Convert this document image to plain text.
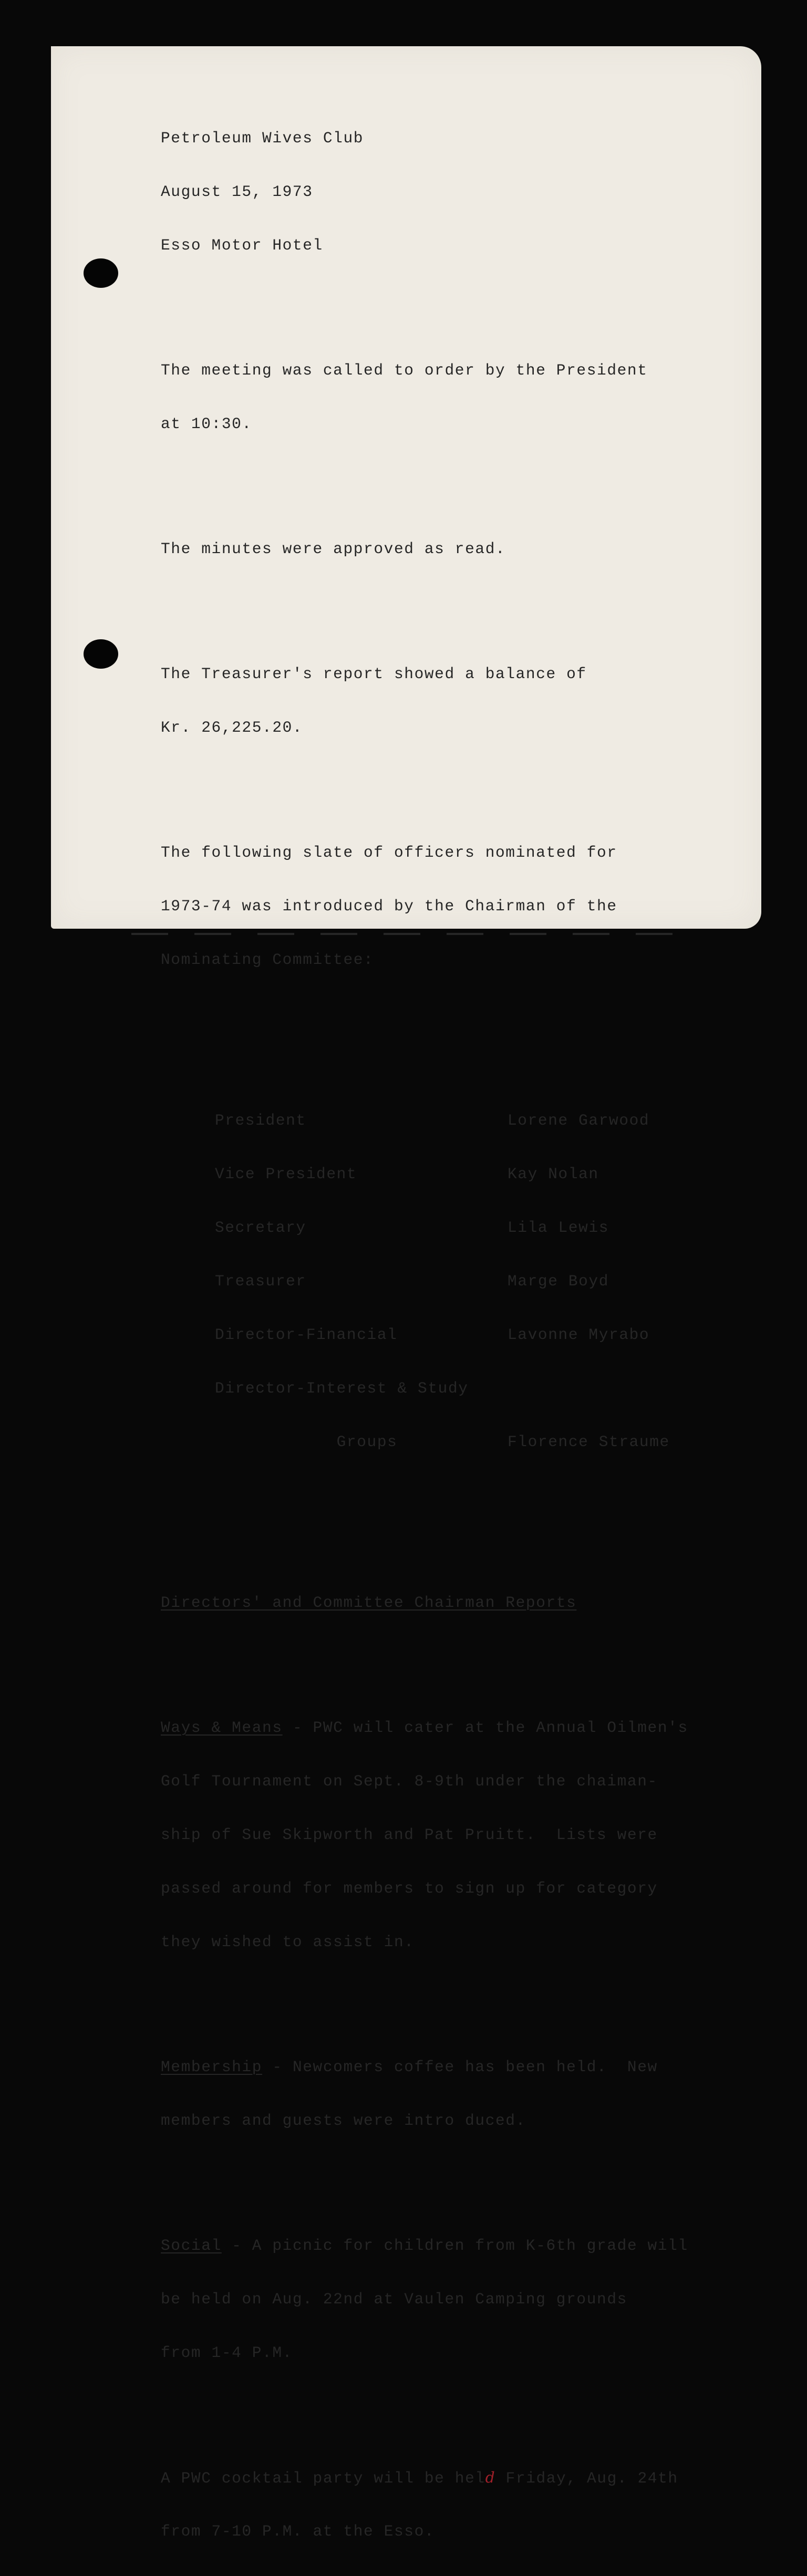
Petroleum Wives Club

August 15, 1973

Esso Motor Hotel

The meeting was called to order by the President

at 10:30.

The minutes were approved as read.

The Treasurer's report showed a balance of

Kr. 26,225.20.

The following slate of officers nominated for

1973-74 was introduced by the Chairman of the

Nominating Committee:

President	Lorene Garwood

Vice President	Kay Nolan

Secretary	Lila Lewis

Treasurer	Marge Boyd

Director-Financial	Lavonne Myrabo

Director-Interest & Study

Groups	Florence Straume

Directors' and Committee Chairman Reports

Ways & Means - PWC will cater at the Annual Oilmen's

Golf Tournament on Sept. 8-9th under the chaiman-

ship of Sue Skipworth and Pat Pruitt.  Lists were

passed around for members to sign up for category

they wished to assist in.

Membership - Newcomers coffee has been held.  New

members and guests were intro duced.

Social - A picnic for children from K-6th grade will

be held on Aug. 22nd at Vaulen Camping grounds

from 1-4 P.M.

A PWC cocktail party will be held Friday, Aug. 24th

from 7-10 P.M. at the Esso.
